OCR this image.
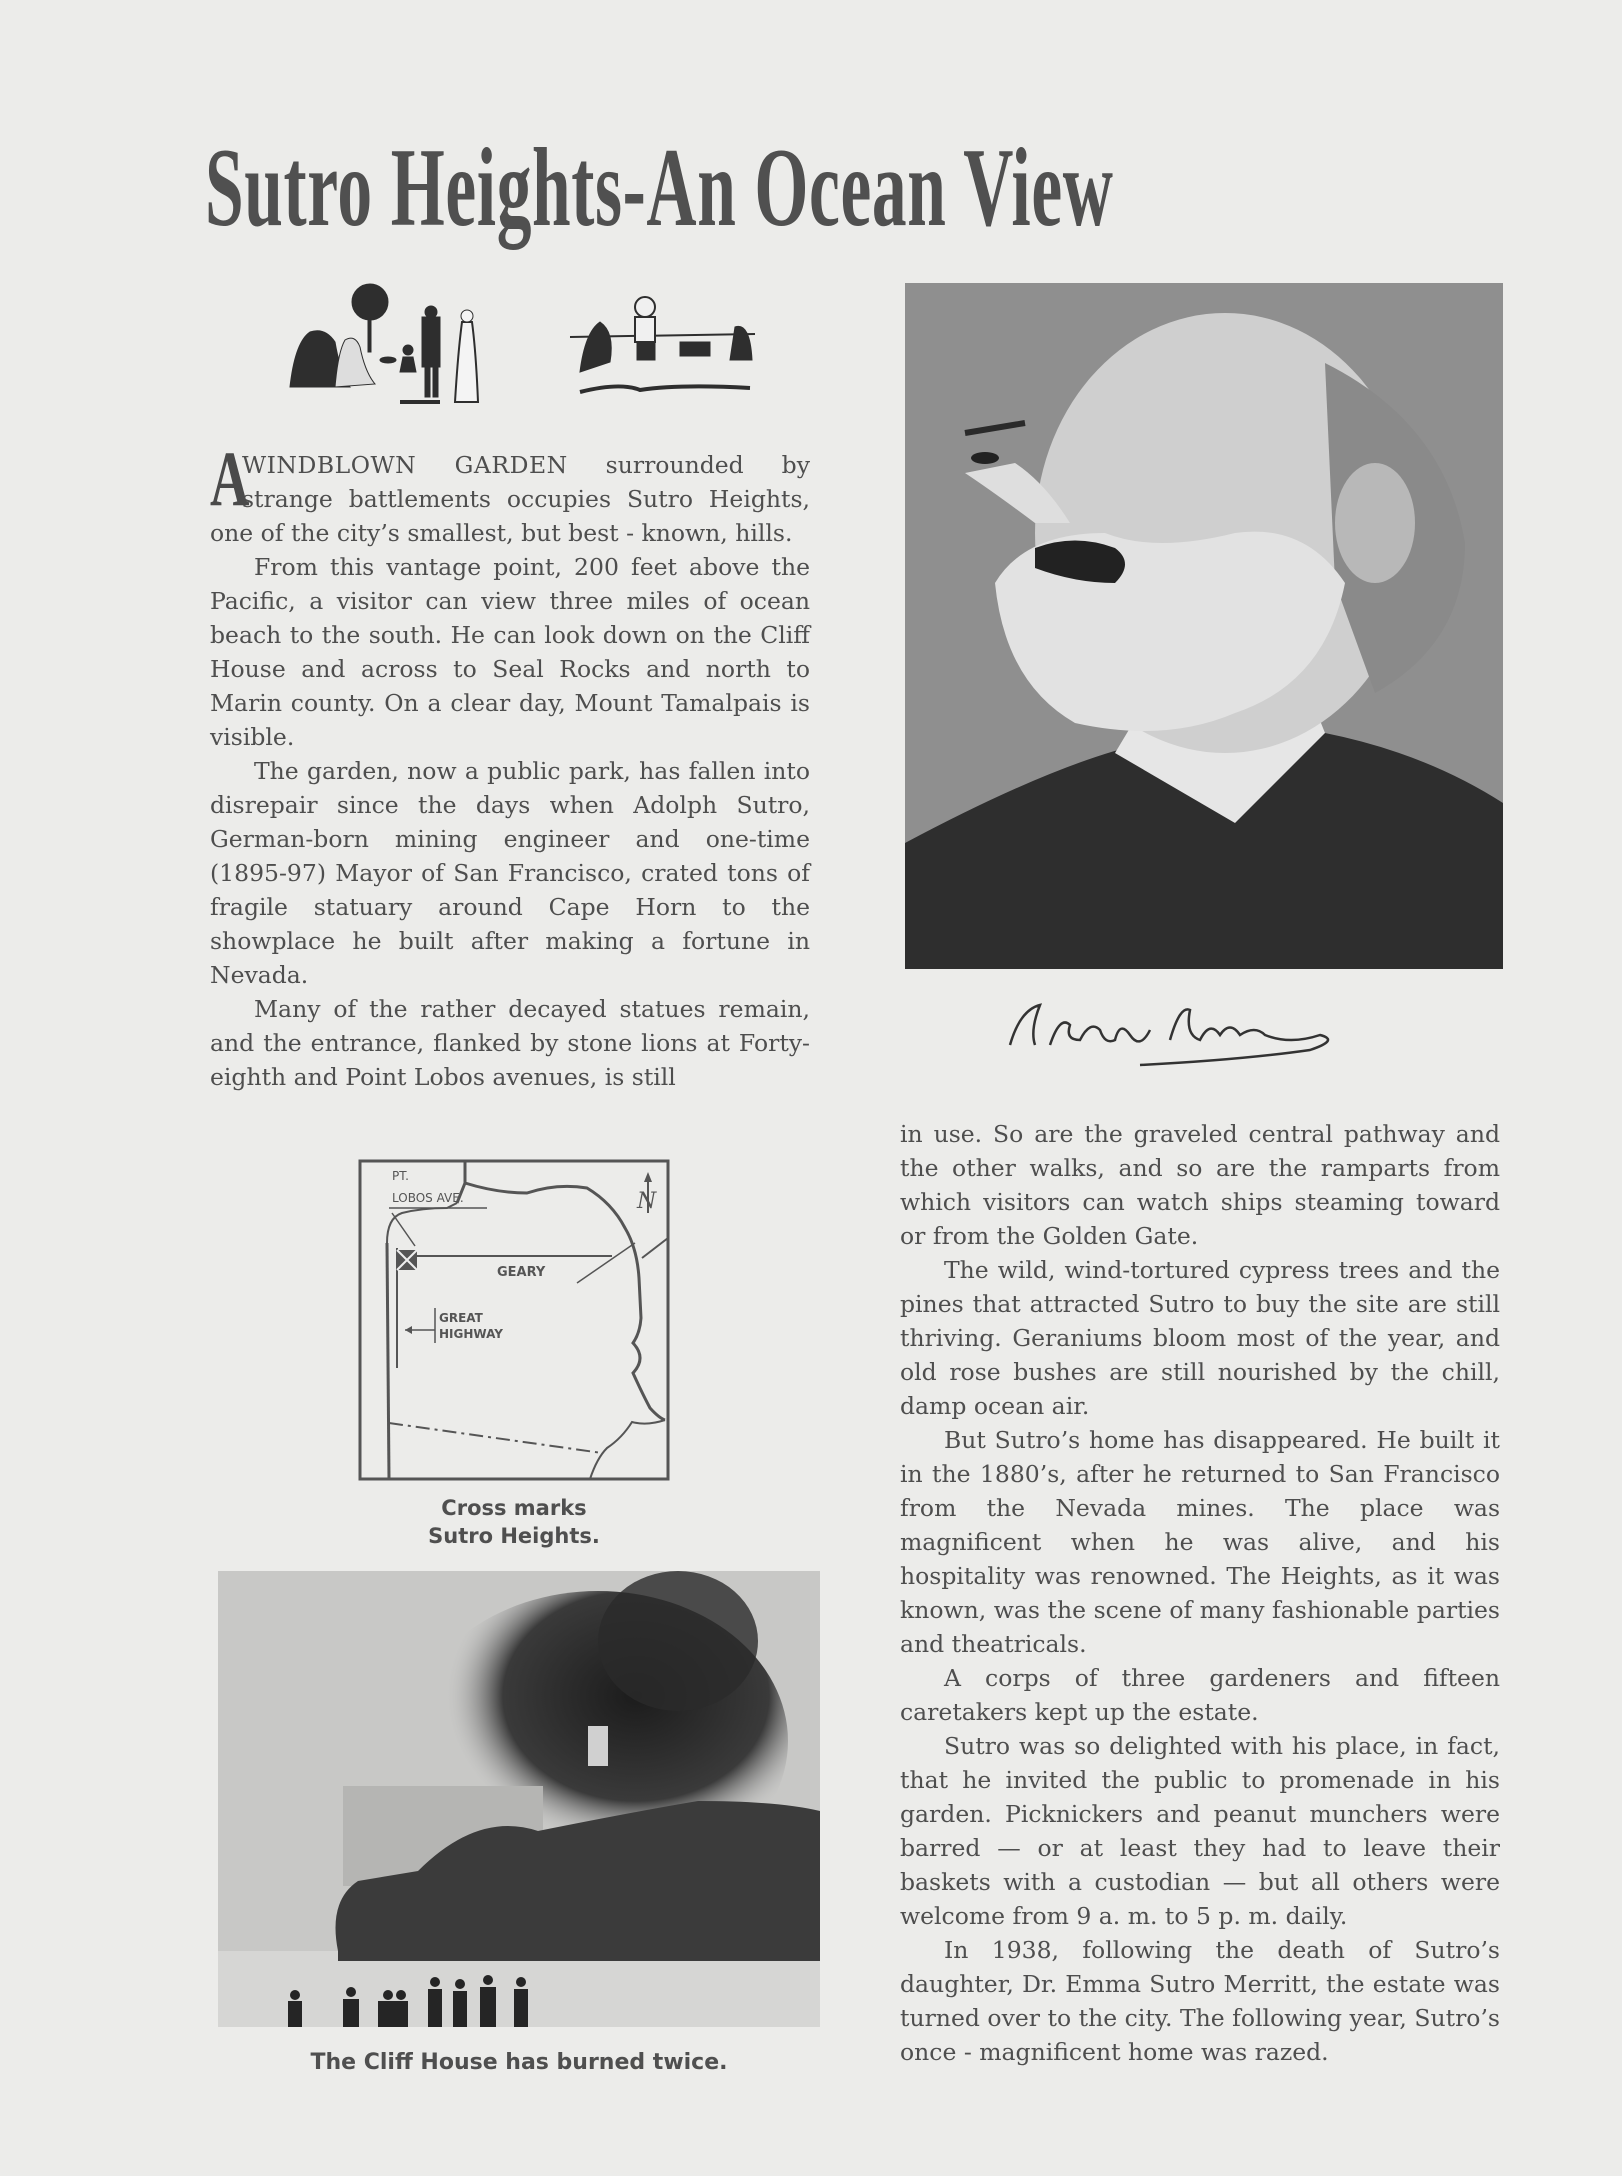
Sutro Heights-An Ocean View

A
WINDBLOWN GARDEN surrounded by strange battlements occupies Sutro Heights, one of the city’s smallest, but best - known, hills.

From this vantage point, 200 feet above the Pacific, a visitor can view three miles of ocean beach to the south. He can look down on the Cliff House and across to Seal Rocks and north to Marin county. On a clear day, Mount Tamalpais is visible.

The garden, now a public park, has fallen into disrepair since the days when Adolph Sutro, German-born mining engineer and one-time (1895-97) Mayor of San Francisco, crated tons of fragile statuary around Cape Horn to the showplace he built after making a fortune in Nevada.

Many of the rather decayed statues remain, and the entrance, flanked by stone lions at Forty-eighth and Point Lobos avenues, is still

PT.
LOBOS AVE.
GEARY
GREAT
HIGHWAY
N
Cross marks
Sutro Heights.
The Cliff House has burned twice.

in use. So are the graveled central pathway and the other walks, and so are the ramparts from which visitors can watch ships steaming toward or from the Golden Gate.

The wild, wind-tortured cypress trees and the pines that attracted Sutro to buy the site are still thriving. Geraniums bloom most of the year, and old rose bushes are still nourished by the chill, damp ocean air.

But Sutro’s home has disappeared. He built it in the 1880’s, after he returned to San Francisco from the Nevada mines. The place was magnificent when he was alive, and his hospitality was renowned. The Heights, as it was known, was the scene of many fashionable parties and theatricals.

A corps of three gardeners and fifteen caretakers kept up the estate.

Sutro was so delighted with his place, in fact, that he invited the public to promenade in his garden. Picknickers and peanut munchers were barred — or at least they had to leave their baskets with a custodian — but all others were welcome from 9 a. m. to 5 p. m. daily.

In 1938, following the death of Sutro’s daughter, Dr. Emma Sutro Merritt, the estate was turned over to the city. The following year, Sutro’s once - magnificent home was razed.
